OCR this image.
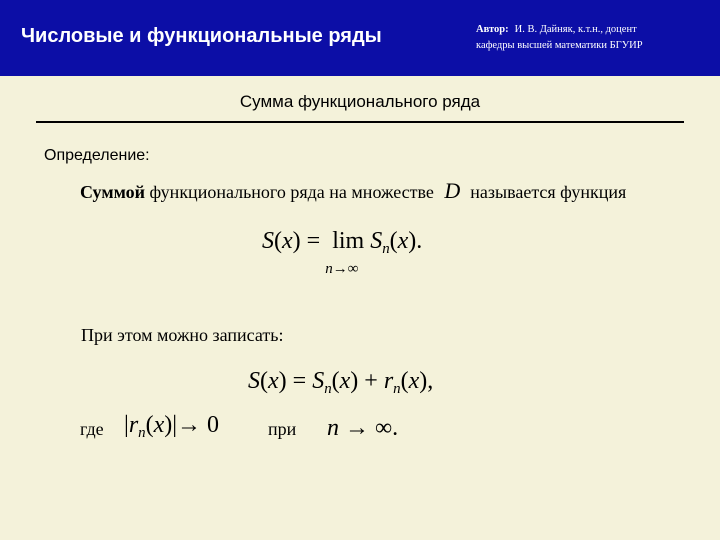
Числовые и функциональные ряды	Автор: И. В. Дайняк, к.т.н., доцент
кафедры высшей математики БГУИР
Сумма функционального ряда
Определение:
Суммой функционального ряда на множестве D называется функция
S(x) = lim
n→∞
$S_n(x)$.
При этом можно записать:
$S(x) = S_n(x) + r_n(x)$,
где $|r_n(x)|\to 0$	при n → ∞.
